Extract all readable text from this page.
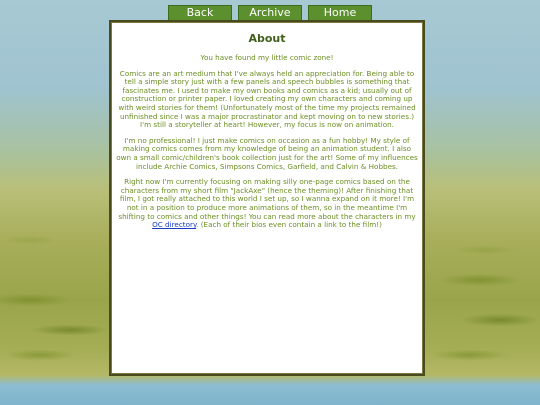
Back	Archive	Home
About

You have found my little comic zone!

Comics are an art medium that I've always held an appreciation for. Being able to tell a simple story just with a few panels and speech bubbles is something that fascinates me. I used to make my own books and comics as a kid; usually out of construction or printer paper. I loved creating my own characters and coming up with weird stories for them! (Unfortunately most of the time my projects remained unfinished since I was a major procrastinator and kept moving on to new stories.) I'm still a storyteller at heart! However, my focus is now on animation.

I'm no professional! I just make comics on occasion as a fun hobby! My style of making comics comes from my knowledge of being an animation student. I also own a small comic/children's book collection just for the art! Some of my influences include Archie Comics, Simpsons Comics, Garfield, and Calvin & Hobbes.

Right now I'm currently focusing on making silly one-page comics based on the characters from my short film "JackAxe" (hence the theming)! After finishing that film, I got really attached to this world I set up, so I wanna expand on it more! I'm not in a position to produce more animations of them, so in the meantime I'm shifting to comics and other things! You can read more about the characters in my OC directory. (Each of their bios even contain a link to the film!)
